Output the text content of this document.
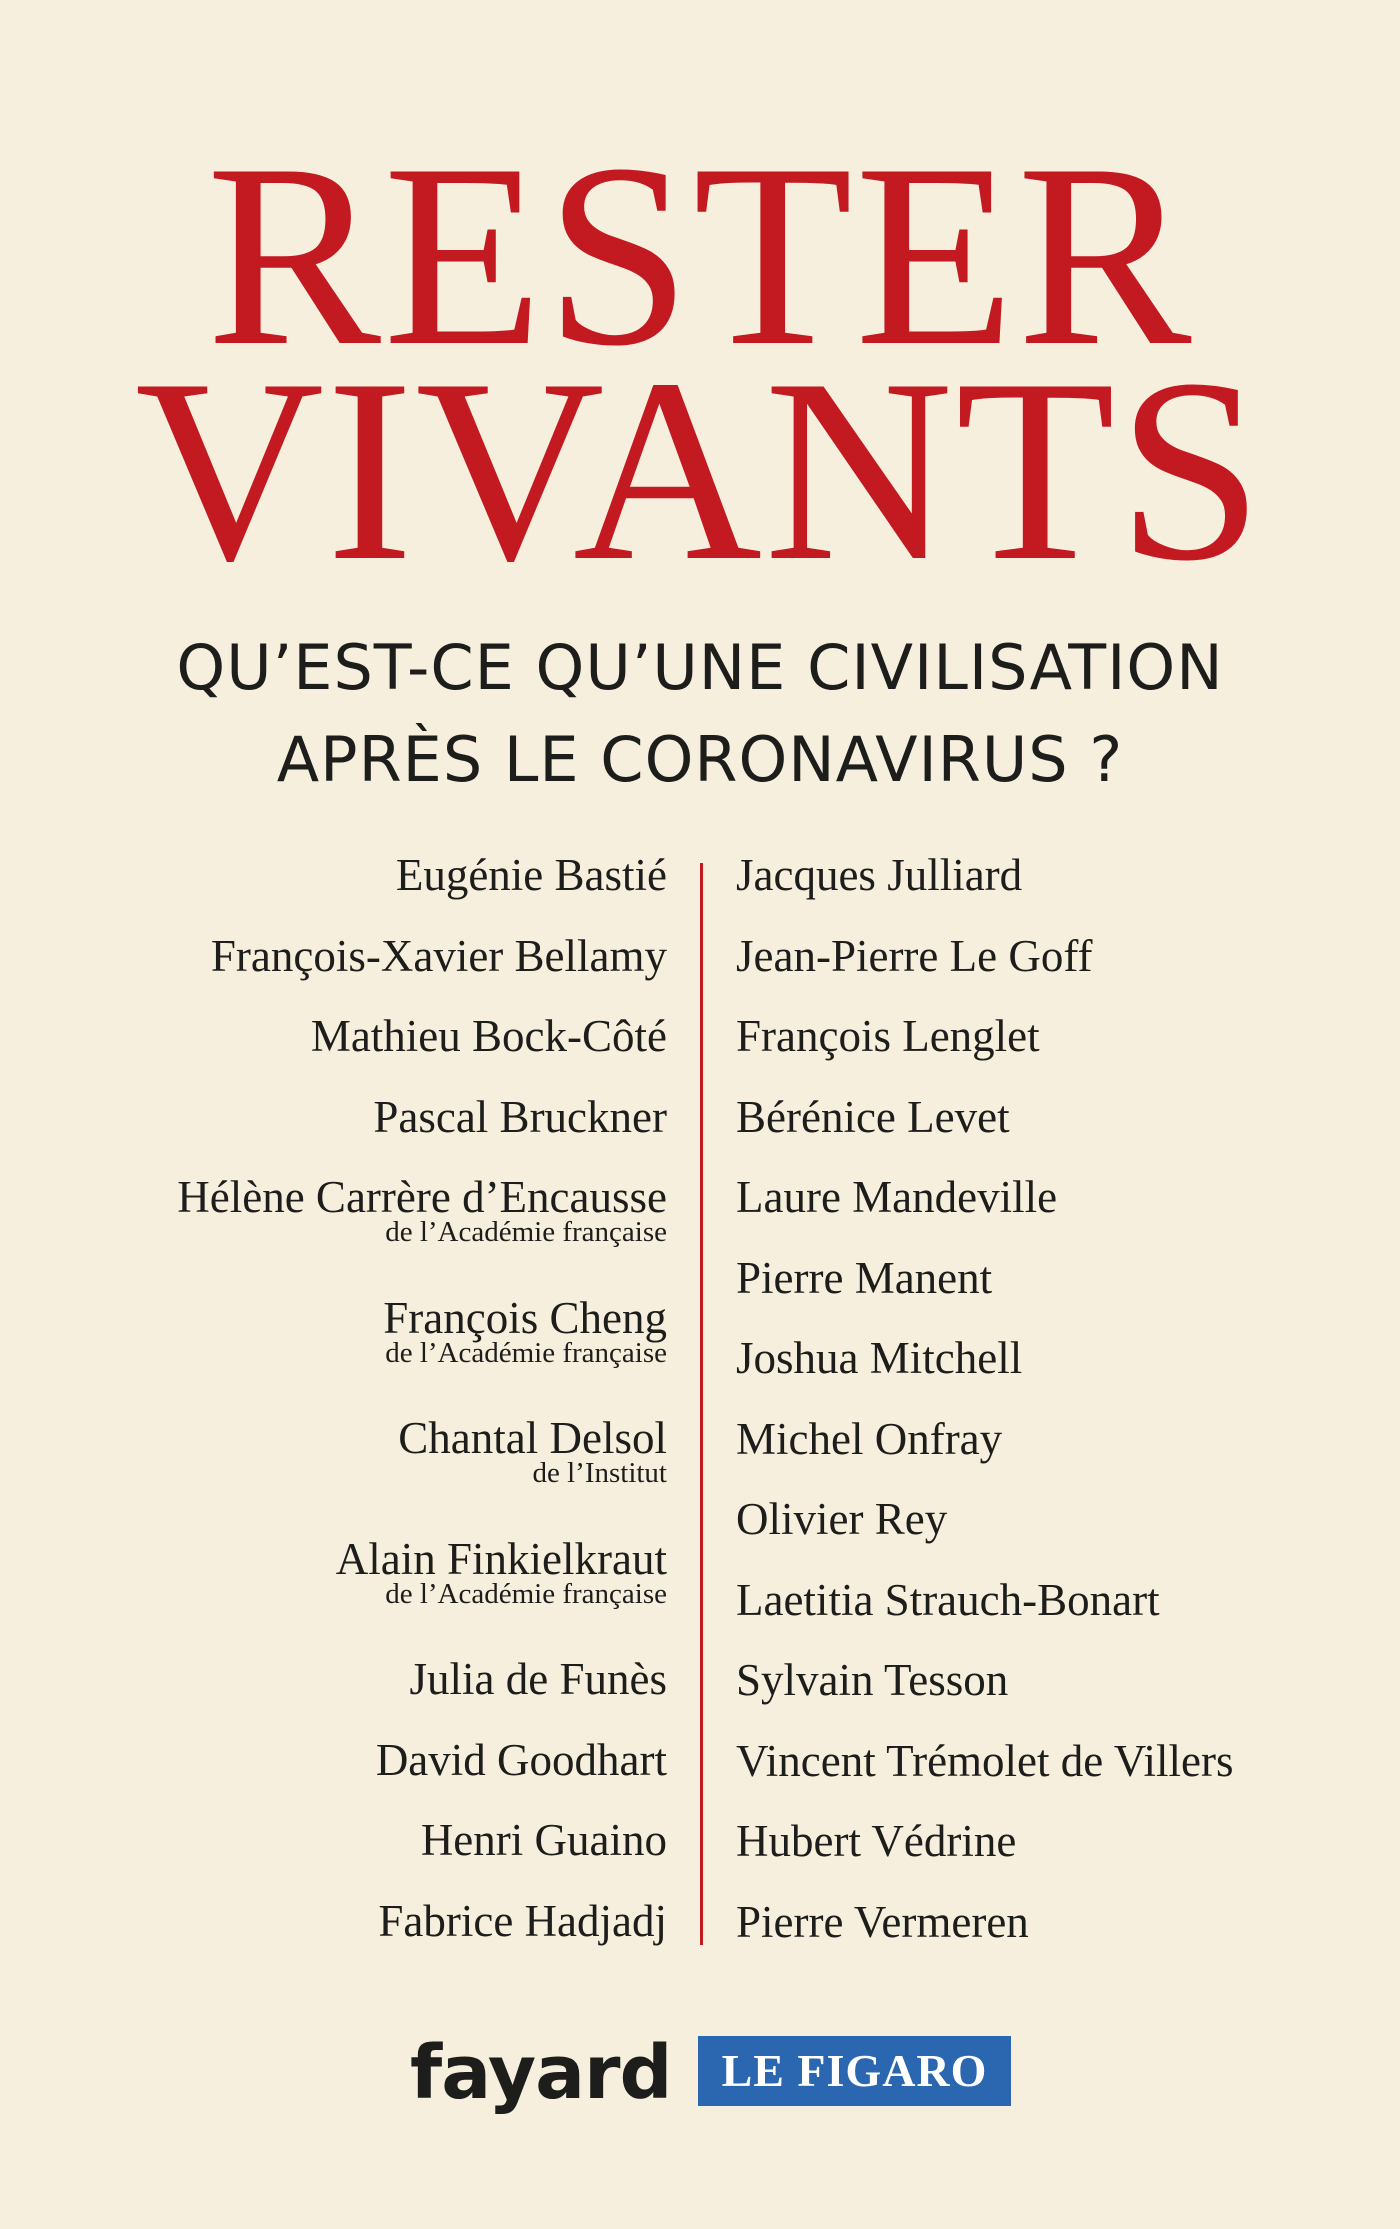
RESTER
VIVANTS
QU’EST-CE QU’UNE CIVILISATION
APRÈS LE CORONAVIRUS ?
Eugénie Bastié
François-Xavier Bellamy
Mathieu Bock-Côté
Pascal Bruckner
Hélène Carrère d’Encausse
de l’Académie française
François Cheng
de l’Académie française
Chantal Delsol
de l’Institut
Alain Finkielkraut
de l’Académie française
Julia de Funès
David Goodhart
Henri Guaino
Fabrice Hadjadj
Jacques Julliard
Jean-Pierre Le Goff
François Lenglet
Bérénice Levet
Laure Mandeville
Pierre Manent
Joshua Mitchell
Michel Onfray
Olivier Rey
Laetitia Strauch-Bonart
Sylvain Tesson
Vincent Trémolet de Villers
Hubert Védrine
Pierre Vermeren
fayard	LE FIGARO
